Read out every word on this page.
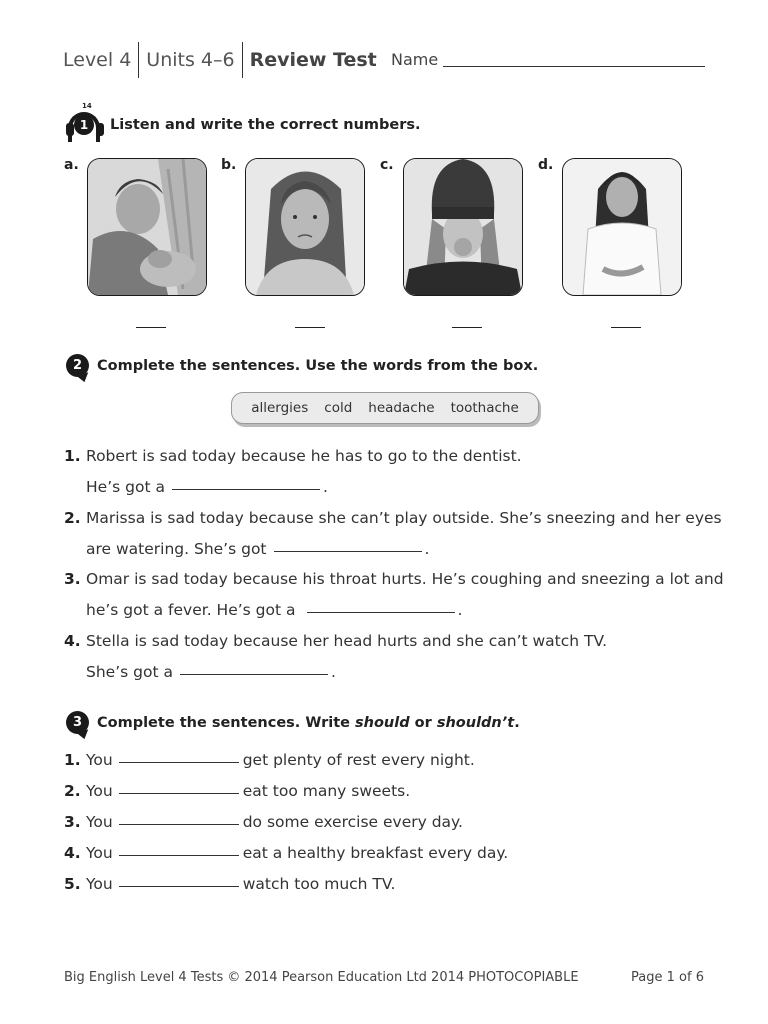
Level 4 Units 4–6 Review Test Name
14
1	Listen and write the correct numbers.
a.	b.	c.	d.
2 Complete the sentences. Use the words from the box.
allergies cold headache toothache
1. Robert is sad today because he has to go to the dentist.
He’s got a	.
2. Marissa is sad today because she can’t play outside. She’s sneezing and her eyes
are watering. She’s got	.
3. Omar is sad today because his throat hurts. He’s coughing and sneezing a lot and
he’s got a fever. He’s got a	.
4. Stella is sad today because her head hurts and she can’t watch TV.
She’s got a	.
3 Complete the sentences. Write should or shouldn’t.
1. You	get plenty of rest every night.
2. You	eat too many sweets.
3. You	do some exercise every day.
4. You	eat a healthy breakfast every day.
5. You	watch too much TV.
Big English Level 4 Tests © 2014 Pearson Education Ltd 2014 PHOTOCOPIABLE	Page 1 of 6
